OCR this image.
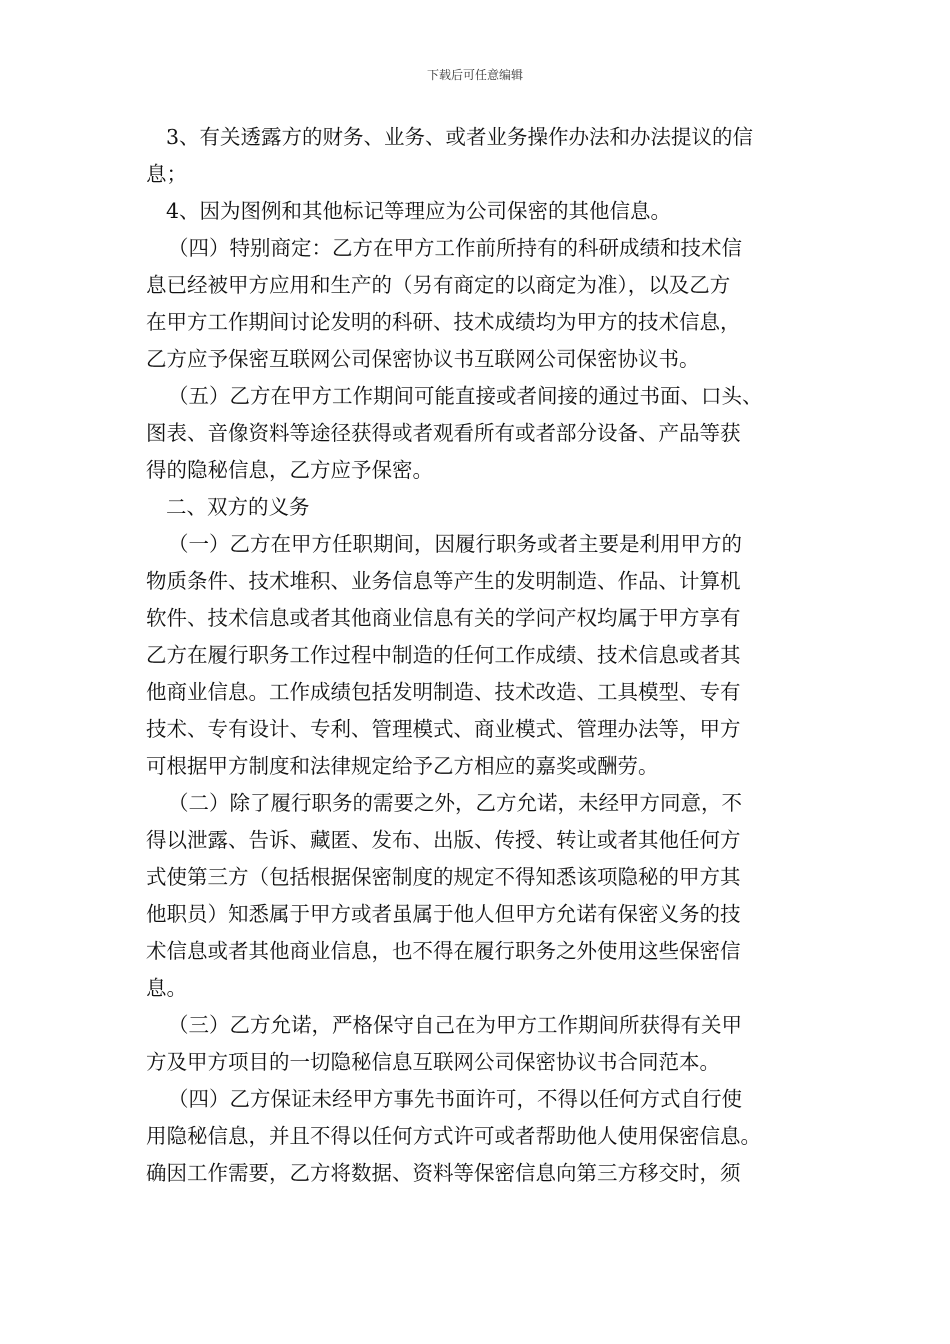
下载后可任意编辑
3、有关透露方的财务、业务、或者业务操作办法和办法提议的信
息；
4、因为图例和其他标记等理应为公司保密的其他信息。
（四）特别商定：乙方在甲方工作前所持有的科研成绩和技术信
息已经被甲方应用和生产的（另有商定的以商定为准），以及乙方
在甲方工作期间讨论发明的科研、技术成绩均为甲方的技术信息，
乙方应予保密互联网公司保密协议书互联网公司保密协议书。
（五）乙方在甲方工作期间可能直接或者间接的通过书面、口头、
图表、音像资料等途径获得或者观看所有或者部分设备、产品等获
得的隐秘信息，乙方应予保密。
二、双方的义务
（一）乙方在甲方任职期间，因履行职务或者主要是利用甲方的
物质条件、技术堆积、业务信息等产生的发明制造、作品、计算机
软件、技术信息或者其他商业信息有关的学问产权均属于甲方享有
乙方在履行职务工作过程中制造的任何工作成绩、技术信息或者其
他商业信息。工作成绩包括发明制造、技术改造、工具模型、专有
技术、专有设计、专利、管理模式、商业模式、管理办法等，甲方
可根据甲方制度和法律规定给予乙方相应的嘉奖或酬劳。
（二）除了履行职务的需要之外，乙方允诺，未经甲方同意，不
得以泄露、告诉、藏匿、发布、出版、传授、转让或者其他任何方
式使第三方（包括根据保密制度的规定不得知悉该项隐秘的甲方其
他职员）知悉属于甲方或者虽属于他人但甲方允诺有保密义务的技
术信息或者其他商业信息，也不得在履行职务之外使用这些保密信
息。
（三）乙方允诺，严格保守自己在为甲方工作期间所获得有关甲
方及甲方项目的一切隐秘信息互联网公司保密协议书合同范本。
（四）乙方保证未经甲方事先书面许可，不得以任何方式自行使
用隐秘信息，并且不得以任何方式许可或者帮助他人使用保密信息。
确因工作需要，乙方将数据、资料等保密信息向第三方移交时，须
